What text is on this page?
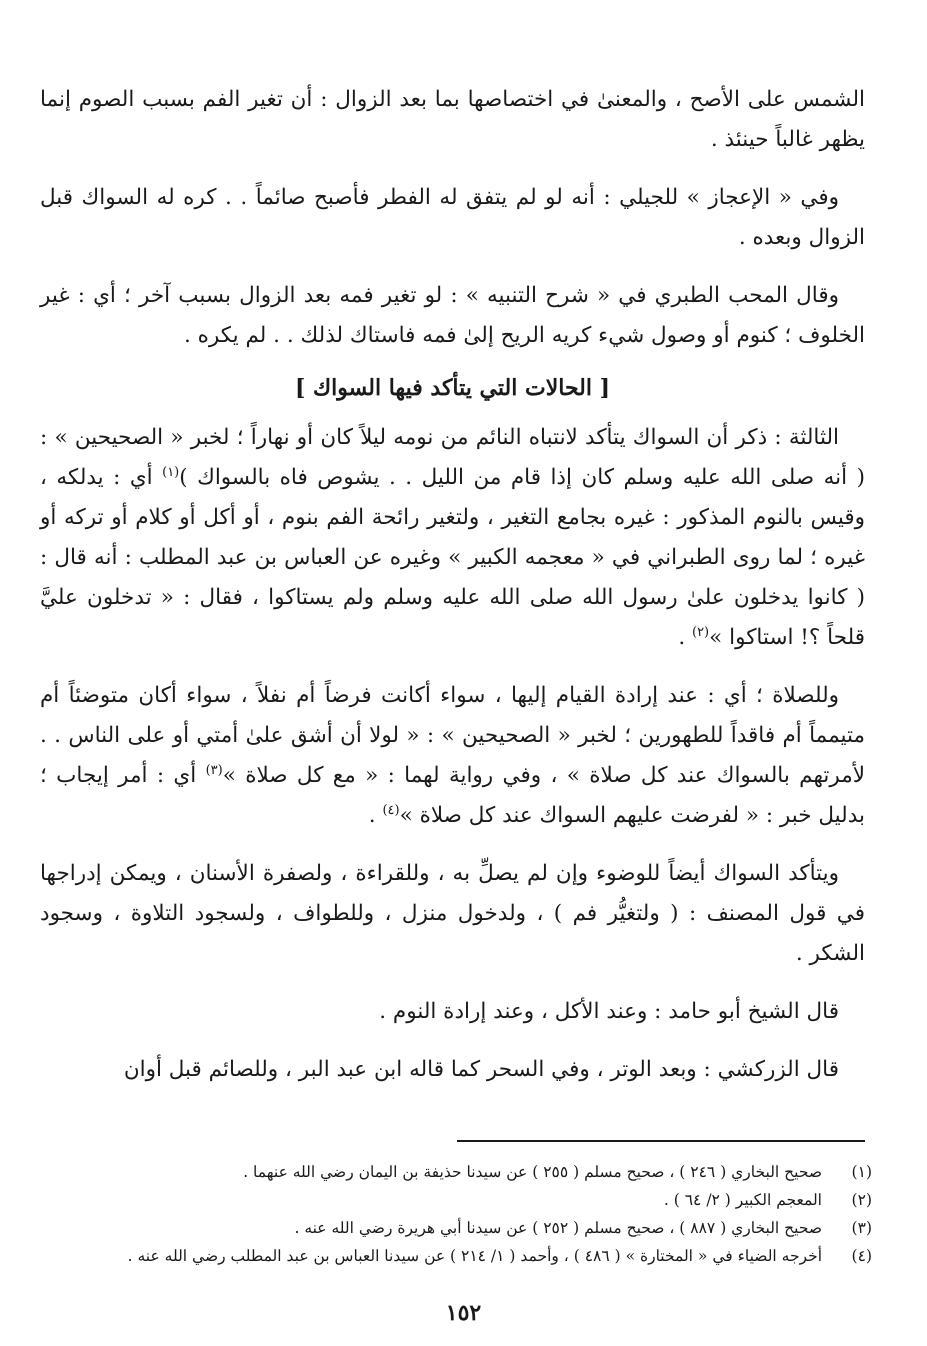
الشمس على الأصح ، والمعنىٰ في اختصاصها بما بعد الزوال : أن تغير الفم بسبب الصوم إنما يظهر غالباً حينئذ .

وفي « الإعجاز » للجيلي : أنه لو لم يتفق له الفطر فأصبح صائماً . . كره له السواك قبل الزوال وبعده .

وقال المحب الطبري في « شرح التنبيه » : لو تغير فمه بعد الزوال بسبب آخر ؛ أي : غير الخلوف ؛ كنوم أو وصول شيء كريه الريح إلىٰ فمه فاستاك لذلك . . لم يكره .

[ الحالات التي يتأكد فيها السواك ]

الثالثة : ذكر أن السواك يتأكد لانتباه النائم من نومه ليلاً كان أو نهاراً ؛ لخبر « الصحيحين » : ( أنه صلى الله عليه وسلم كان إذا قام من الليل . . يشوص فاه بالسواك )$^{(١)}$ أي : يدلكه ، وقيس بالنوم المذكور : غيره بجامع التغير ، ولتغير رائحة الفم بنوم ، أو أكل أو كلام أو تركه أو غيره ؛ لما روى الطبراني في « معجمه الكبير » وغيره عن العباس بن عبد المطلب : أنه قال : ( كانوا يدخلون علىٰ رسول الله صلى الله عليه وسلم ولم يستاكوا ، فقال : « تدخلون عليَّ قلحاً ؟! استاكوا »$^{(٢)}$ .

وللصلاة ؛ أي : عند إرادة القيام إليها ، سواء أكانت فرضاً أم نفلاً ، سواء أكان متوضئاً أم متيمماً أم فاقداً للطهورين ؛ لخبر « الصحيحين » : « لولا أن أشق علىٰ أمتي أو على الناس . . لأمرتهم بالسواك عند كل صلاة » ، وفي رواية لهما : « مع كل صلاة »$^{(٣)}$ أي : أمر إيجاب ؛ بدليل خبر : « لفرضت عليهم السواك عند كل صلاة »$^{(٤)}$ .

ويتأكد السواك أيضاً للوضوء وإن لم يصلِّ به ، وللقراءة ، ولصفرة الأسنان ، ويمكن إدراجها في قول المصنف : ( ولتغيُّر فم ) ، ولدخول منزل ، وللطواف ، ولسجود التلاوة ، وسجود الشكر .

قال الشيخ أبو حامد : وعند الأكل ، وعند إرادة النوم .

قال الزركشي : وبعد الوتر ، وفي السحر كما قاله ابن عبد البر ، وللصائم قبل أوان

(١)
صحيح البخاري ( ٢٤٦ ) ، صحيح مسلم ( ٢٥٥ ) عن سيدنا حذيفة بن اليمان رضي الله عنهما .
(٢)
المعجم الكبير ( ٢/ ٦٤ ) .
(٣)
صحيح البخاري ( ٨٨٧ ) ، صحيح مسلم ( ٢٥٢ ) عن سيدنا أبي هريرة رضي الله عنه .
(٤)
أخرجه الضياء في « المختارة » ( ٤٨٦ ) ، وأحمد ( ١/ ٢١٤ ) عن سيدنا العباس بن عبد المطلب رضي الله عنه .
١٥٢
